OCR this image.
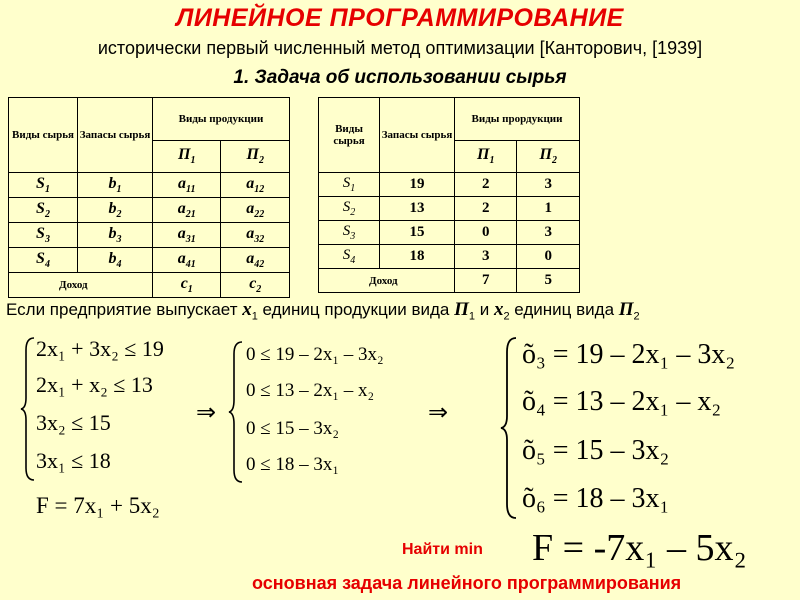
ЛИНЕЙНОЕ ПРОГРАММИРОВАНИЕ
исторически первый численный метод оптимизации [Канторович, [1939]
1. Задача об использовании сырья
Виды сырья	Запасы сырья	Виды продукции	
		$П_1$	$П_2$
$S_1$	$b_1$	$a_{11}$	$a_{12}$
$S_2$	$b_2$	$a_{21}$	$a_{22}$
$S_3$	$b_3$	$a_{31}$	$a_{32}$
$S_4$	$b_4$	$a_{41}$	$a_{42}$
Доход		$c_1$	$c_2$
Виды сырья	Запасы сырья	Виды прордукции	
		$П_1$	$П_2$
$S_1$	19	2	3
$S_2$	13	2	1
$S_3$	15	0	3
$S_4$	18	3	0
Доход		7	5
Если предприятие выпускает $x_1$ единиц продукции вида $П_1$ и $x_2$ единиц вида $П_2$
2x₁ + 3x₂ ≤ 19
2x₁ + x₂ ≤ 13
3x₂ ≤ 15
3x₁ ≤ 18
F = 7x₁ + 5x₂
⇒
0 ≤ 19 – 2x₁ – 3x₂
0 ≤ 13 – 2x₁ – x₂
0 ≤ 15 – 3x₂
0 ≤ 18 – 3x₁
⇒
õ₃ = 19 – 2x₁ – 3x₂
õ₄ = 13 – 2x₁ – x₂
õ₅ = 15 – 3x₂
õ₆ = 18 – 3x₁
Найти min F = -7x₁ – 5x₂
основная задача линейного программирования
